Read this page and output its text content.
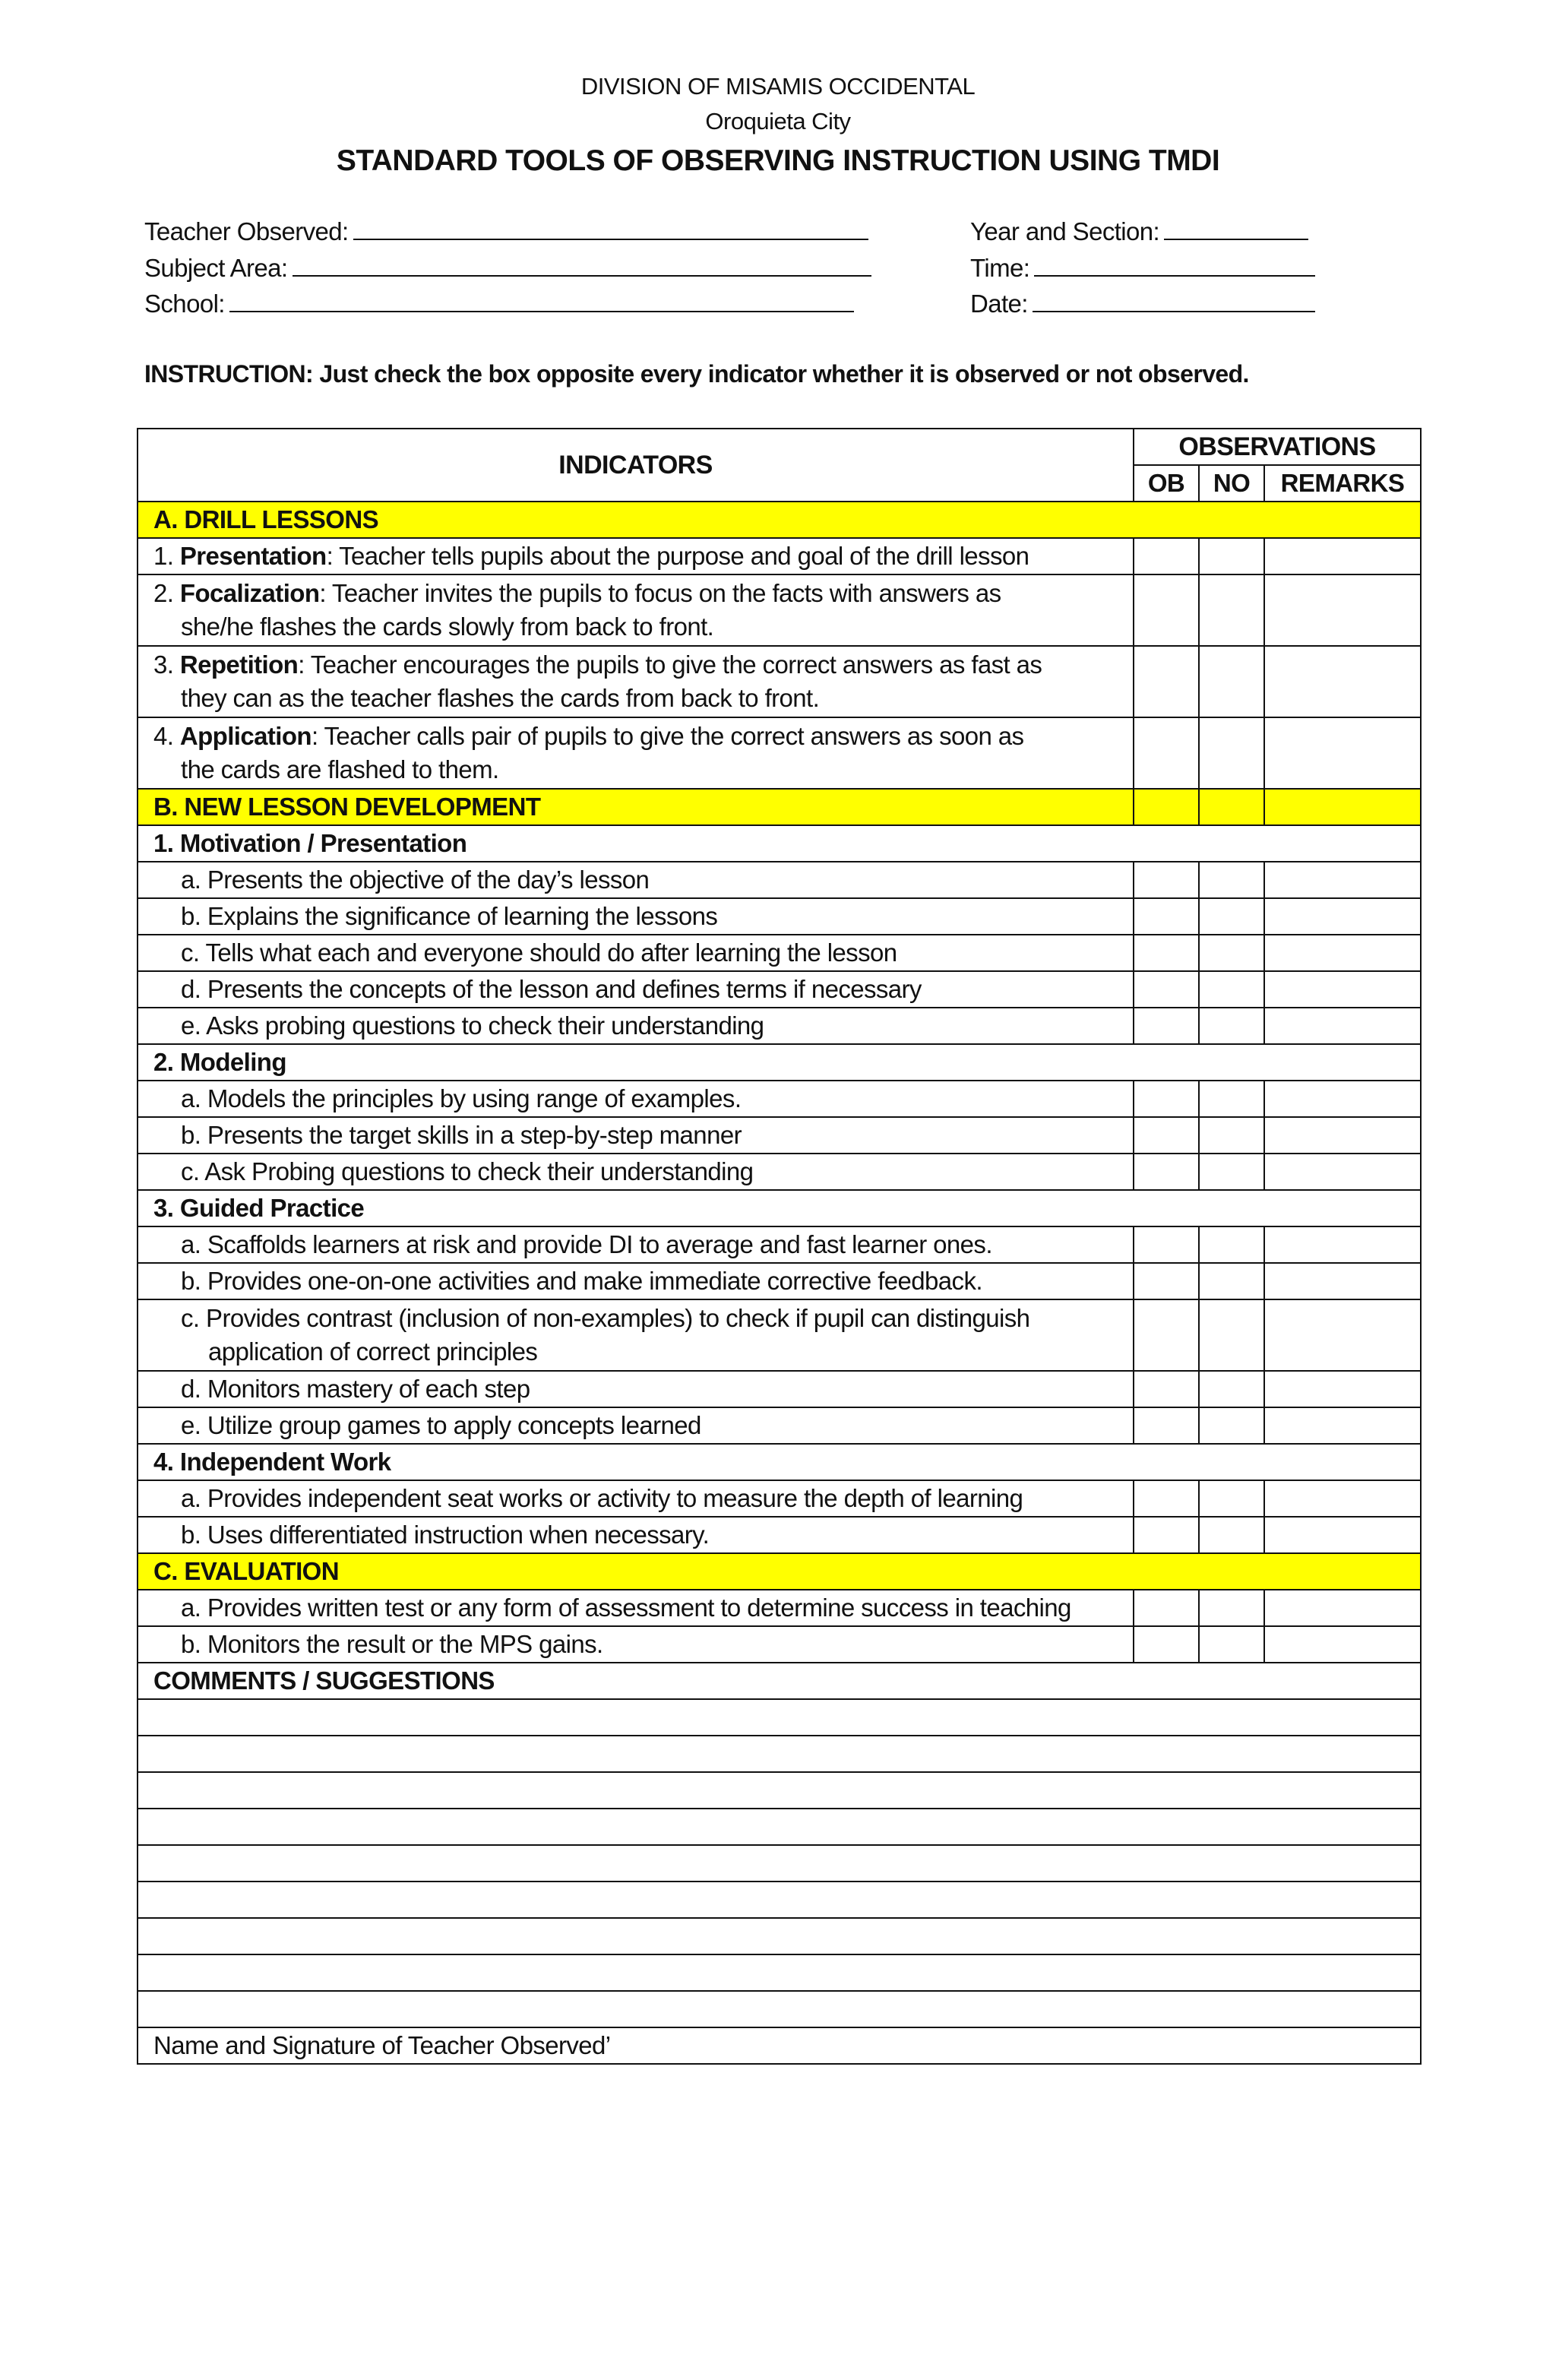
DIVISION OF MISAMIS OCCIDENTAL
Oroquieta City
STANDARD TOOLS OF OBSERVING INSTRUCTION USING TMDI
Teacher Observed:
Subject Area:
School:
Year and Section:
Time:
Date:
INSTRUCTION: Just check the box opposite every indicator whether it is observed or not observed.
INDICATORS	OBSERVATIONS		
	OB	NO	REMARKS
A. DRILL LESSONS			
1. Presentation: Teacher tells pupils about the purpose and goal of the drill lesson			
2. Focalization: Teacher invites the pupils to focus on the facts with answers as
she/he flashes the cards slowly from back to front.			

3. Repetition: Teacher encourages the pupils to give the correct answers as fast as
they can as the teacher flashes the cards from back to front.			

4. Application: Teacher calls pair of pupils to give the correct answers as soon as
the cards are flashed to them.			

B. NEW LESSON DEVELOPMENT			
1. Motivation / Presentation			
a. Presents the objective of the day’s lesson			
b. Explains the significance of learning the lessons			
c. Tells what each and everyone should do after learning the lesson			
d. Presents the concepts of the lesson and defines terms if necessary			
e. Asks probing questions to check their understanding			
2. Modeling			
a. Models the principles by using range of examples.			
b. Presents the target skills in a step-by-step manner			
c. Ask Probing questions to check their understanding			
3. Guided Practice			
a. Scaffolds learners at risk and provide DI to average and fast learner ones.			
b. Provides one-on-one activities and make immediate corrective feedback.			
c. Provides contrast (inclusion of non-examples) to check if pupil can distinguish
application of correct principles			

d. Monitors mastery of each step			
e. Utilize group games to apply concepts learned			
4. Independent Work			
a. Provides independent seat works or activity to measure the depth of learning			
b. Uses differentiated instruction when necessary.			
C. EVALUATION			
a. Provides written test or any form of assessment to determine success in teaching			
b. Monitors the result or the MPS gains.			
COMMENTS / SUGGESTIONS			

Name and Signature of Teacher Observed’			
